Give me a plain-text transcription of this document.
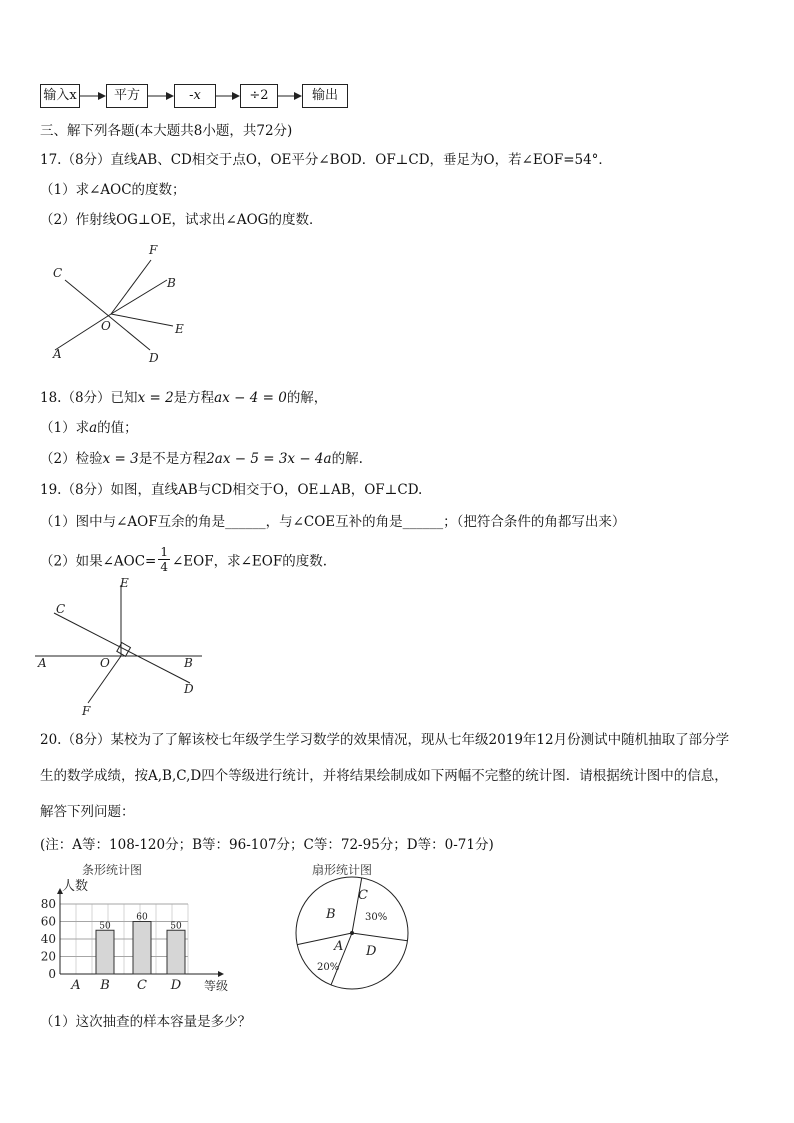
输入x	平方	-x	÷2	输出
三、解下列各题(本大题共8小题，共72分)
17.（8分）直线AB、CD相交于点O，OE平分∠BOD．OF⊥CD，垂足为O，若∠EOF=54°．
（1）求∠AOC的度数；
（2）作射线OG⊥OE，试求出∠AOG的度数．
F
C
B
O	E
A	D
18.（8分）已知x = 2是方程ax − 4 = 0的解，
（1）求a的值；
（2）检验x = 3是不是方程2ax − 5 = 3x − 4a的解.
19.（8分）如图，直线AB与CD相交于O，OE⊥AB，OF⊥CD.
（1）图中与∠AOF互余的角是______，与∠COE互补的角是______；（把符合条件的角都写出来）
（2）如果∠AOC= $\frac{1}{4}$ ∠EOF，求∠EOF的度数.
E
C
A	O	B
D
F
20.（8分）某校为了了解该校七年级学生学习数学的效果情况，现从七年级2019年12月份测试中随机抽取了部分学
生的数学成绩，按A,B,C,D四个等级进行统计，并将结果绘制成如下两幅不完整的统计图．请根据统计图中的信息，
解答下列问题：
(注：A等：108-120分；B等：96-107分；C等：72-95分；D等：0-71分)
条形统计图
人数
等级
80
60
40
20
0
A B C D
50
60
50
扇形统计图
A
20%
B
C
30%
D
（1）这次抽查的样本容量是多少？
